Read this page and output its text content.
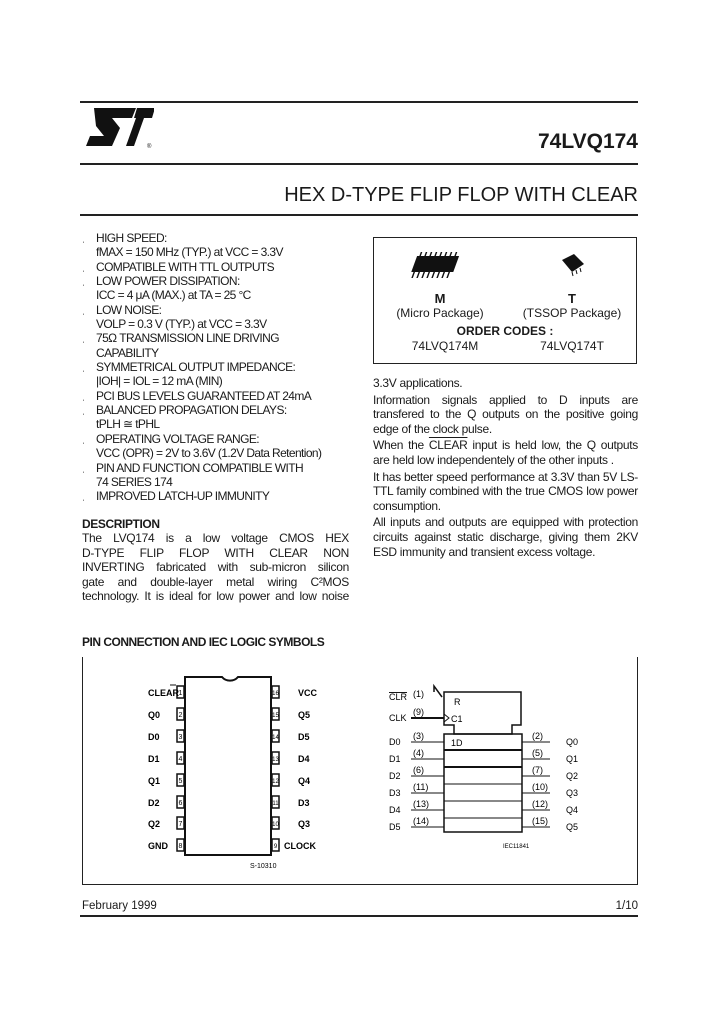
®	74LVQ174
HEX D-TYPE FLIP FLOP WITH CLEAR
ˌ HIGH SPEED:
fMAX = 150 MHz (TYP.) at VCC = 3.3V
ˌ COMPATIBLE WITH TTL OUTPUTS
ˌ LOW POWER DISSIPATION:
ICC = 4 μA (MAX.) at TA = 25 °C
ˌ LOW NOISE:
VOLP = 0.3 V (TYP.) at VCC = 3.3V
ˌ 75Ω TRANSMISSION LINE DRIVING
CAPABILITY
ˌ SYMMETRICAL OUTPUT IMPEDANCE:
|IOH| = IOL = 12 mA (MIN)
ˌ PCI BUS LEVELS GUARANTEED AT 24mA
ˌ BALANCED PROPAGATION DELAYS:
tPLH ≅ tPHL
ˌ OPERATING VOLTAGE RANGE:
VCC (OPR) = 2V to 3.6V (1.2V Data Retention)
ˌ PIN AND FUNCTION COMPATIBLE WITH
74 SERIES 174
ˌ IMPROVED LATCH-UP IMMUNITY
DESCRIPTION
The LVQ174 is a low voltage CMOS HEX
D-TYPE FLIP FLOP WITH CLEAR NON
INVERTING fabricated with sub-micron silicon
gate and double-layer metal wiring C²MOS
technology. It is ideal for low power and low noise
M
(Micro Package)
T
(TSSOP Package)
ORDER CODES :
74LVQ174M	74LVQ174T

3.3V applications.

Information signals applied to D inputs are transfered to the Q outputs on the positive going edge of the clock pulse.

When the CLEAR input is held low, the Q outputs are held low independentely of the other inputs .

It has better speed performance at 3.3V than 5V LS-TTL family combined with the true CMOS low power consumption.

All inputs and outputs are equipped with protection circuits against static discharge, giving them 2KV ESD immunity and transient excess voltage.

PIN CONNECTION AND IEC LOGIC SYMBOLS
1
CLEAR	16 VCC
2
Q0	15 Q5
3
D0	14 D5
4
D1	13 D4
5
Q1	12 Q4
6
D2	11 D3
7
Q2	10 Q3
8
GND	9 CLOCK
S-10310
CLR (1)
CLK
(9)
R
C1
1D
D0
(3)
Q0
(2)
D1
(4)
Q1
(5)
D2
(6)
Q2
(7)
D3
(11)
Q3
(10)
D4
(13)
Q4
(12)
D5
(14)
Q5
(15)
IEC11841
February 1999	1/10
